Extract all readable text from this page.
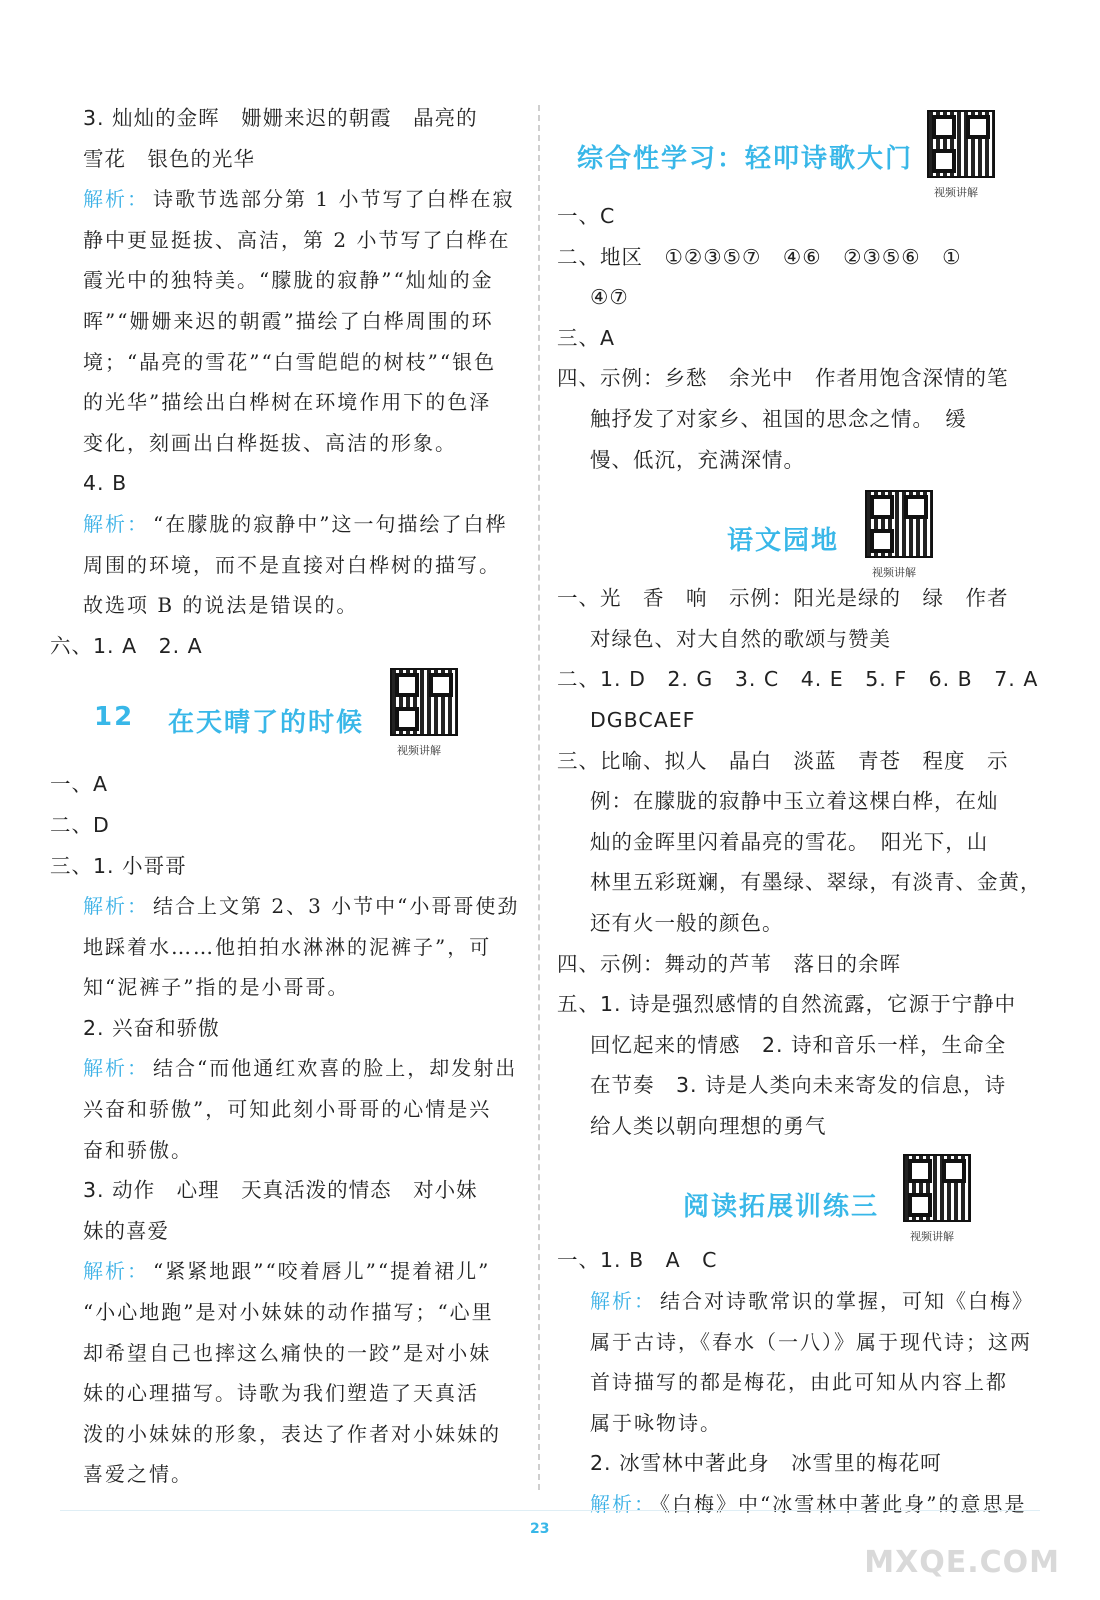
3. 灿灿的金晖　姗姗来迟的朝霞　晶亮的
雪花　银色的光华
解析： 诗歌节选部分第 1 小节写了白桦在寂
静中更显挺拔、高洁，第 2 小节写了白桦在
霞光中的独特美。“朦胧的寂静”“灿灿的金
晖”“姗姗来迟的朝霞”描绘了白桦周围的环
境；“晶亮的雪花”“白雪皑皑的树枝”“银色
的光华”描绘出白桦树在环境作用下的色泽
变化，刻画出白桦挺拔、高洁的形象。
4. B
解析： “在朦胧的寂静中”这一句描绘了白桦
周围的环境，而不是直接对白桦树的描写。
故选项 B 的说法是错误的。
六、1. A　2. A
12 在天晴了的时候
视频讲解
一、A
二、D
三、1. 小哥哥
解析： 结合上文第 2、3 小节中“小哥哥使劲
地踩着水……他拍拍水淋淋的泥裤子”，可
知“泥裤子”指的是小哥哥。
2. 兴奋和骄傲
解析： 结合“而他通红欢喜的脸上，却发射出
兴奋和骄傲”，可知此刻小哥哥的心情是兴
奋和骄傲。
3. 动作　心理　天真活泼的情态　对小妹
妹的喜爱
解析： “紧紧地跟”“咬着唇儿”“提着裙儿”
“小心地跑”是对小妹妹的动作描写；“心里
却希望自己也摔这么痛快的一跤”是对小妹
妹的心理描写。诗歌为我们塑造了天真活
泼的小妹妹的形象，表达了作者对小妹妹的
喜爱之情。
综合性学习：轻叩诗歌大门
视频讲解
一、C
二、地区　①②③⑤⑦　④⑥　②③⑤⑥　①
④⑦
三、A
四、示例：乡愁　余光中　作者用饱含深情的笔
触抒发了对家乡、祖国的思念之情。　缓
慢、低沉，充满深情。
语文园地
视频讲解
一、光　香　响　示例：阳光是绿的　绿　作者
对绿色、对大自然的歌颂与赞美
二、1. D　2. G　3. C　4. E　5. F　6. B　7. A
DGBCAEF
三、比喻、拟人　晶白　淡蓝　青苍　程度　示
例：在朦胧的寂静中玉立着这棵白桦，在灿
灿的金晖里闪着晶亮的雪花。　阳光下，山
林里五彩斑斓，有墨绿、翠绿，有淡青、金黄，
还有火一般的颜色。
四、示例：舞动的芦苇　落日的余晖
五、1. 诗是强烈感情的自然流露，它源于宁静中
回忆起来的情感　2. 诗和音乐一样，生命全
在节奏　3. 诗是人类向未来寄发的信息，诗
给人类以朝向理想的勇气
阅读拓展训练三
视频讲解
一、1. B　A　C
解析： 结合对诗歌常识的掌握，可知《白梅》
属于古诗，《春水（一八）》属于现代诗；这两
首诗描写的都是梅花，由此可知从内容上都
属于咏物诗。
2. 冰雪林中著此身　冰雪里的梅花呵
解析： 《白梅》中“冰雪林中著此身”的意思是
23
MXQE.COM
